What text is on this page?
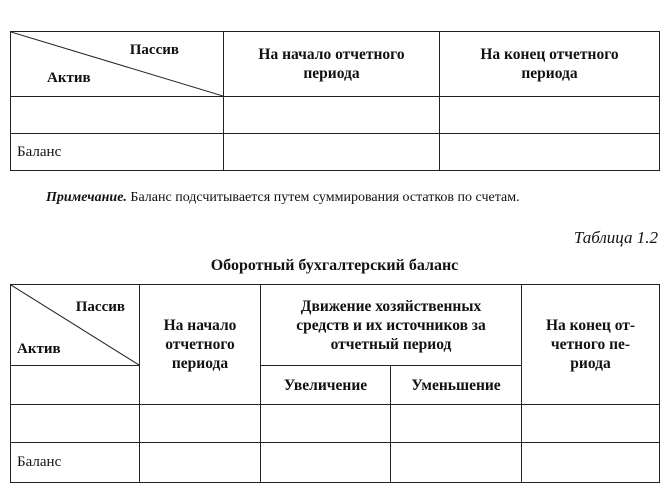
Пассив
Актив	На начало отчетного периода	На конец отчетного периода

Баланс		
Примечание. Баланс подсчитывается путем суммирования остатков по счетам.
Таблица 1.2
Оборотный бухгалтерский баланс
Пассив
Актив	На начало отчетного периода	Движение хозяйственных средств и их источников за отчетный период		На конец от-четного пе-риода
		Увеличение	Уменьшение	

Баланс				
